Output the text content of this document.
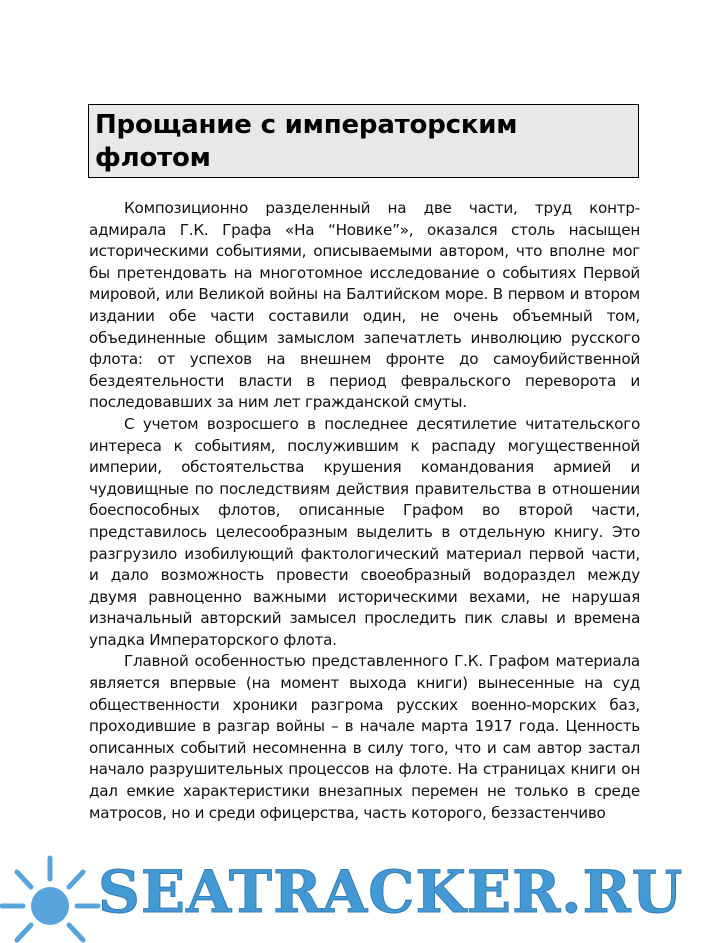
Прощание с императорским флотом

Композиционно разделенный на две части, труд контр-адмирала Г.К. Графа «На “Новике”», оказался столь насыщен историческими событиями, описываемыми автором, что вполне мог бы претендовать на многотомное исследование о событиях Первой мировой, или Великой войны на Балтийском море. В первом и втором издании обе части составили один, не очень объемный том, объединенные общим замыслом запечатлеть инволюцию русского флота: от успехов на внешнем фронте до самоубийственной бездеятельности власти в период февральского переворота и последовавших за ним лет гражданской смуты.

С учетом возросшего в последнее десятилетие читательского интереса к событиям, послужившим к распаду могущественной империи, обстоятельства крушения командования армией и чудовищные по последствиям действия правительства в отношении боеспособных флотов, описанные Графом во второй части, представилось целесообразным выделить в отдельную книгу. Это разгрузило изобилующий фактологический материал первой части, и дало возможность провести своеобразный водораздел между двумя равноценно важными историческими вехами, не нарушая изначальный авторский замысел проследить пик славы и времена упадка Императорского флота.

Главной особенностью представленного Г.К. Графом материала является впервые (на момент выхода книги) вынесенные на суд общественности хроники разгрома русских военно-морских баз, проходившие в разгар войны – в начале марта 1917 года. Ценность описанных событий несомненна в силу того, что и сам автор застал начало разрушительных процессов на флоте. На страницах книги он дал емкие характеристики внезапных перемен не только в среде матросов, но и среди офицерства, часть которого, беззастенчиво

SEATRACKER.RU
